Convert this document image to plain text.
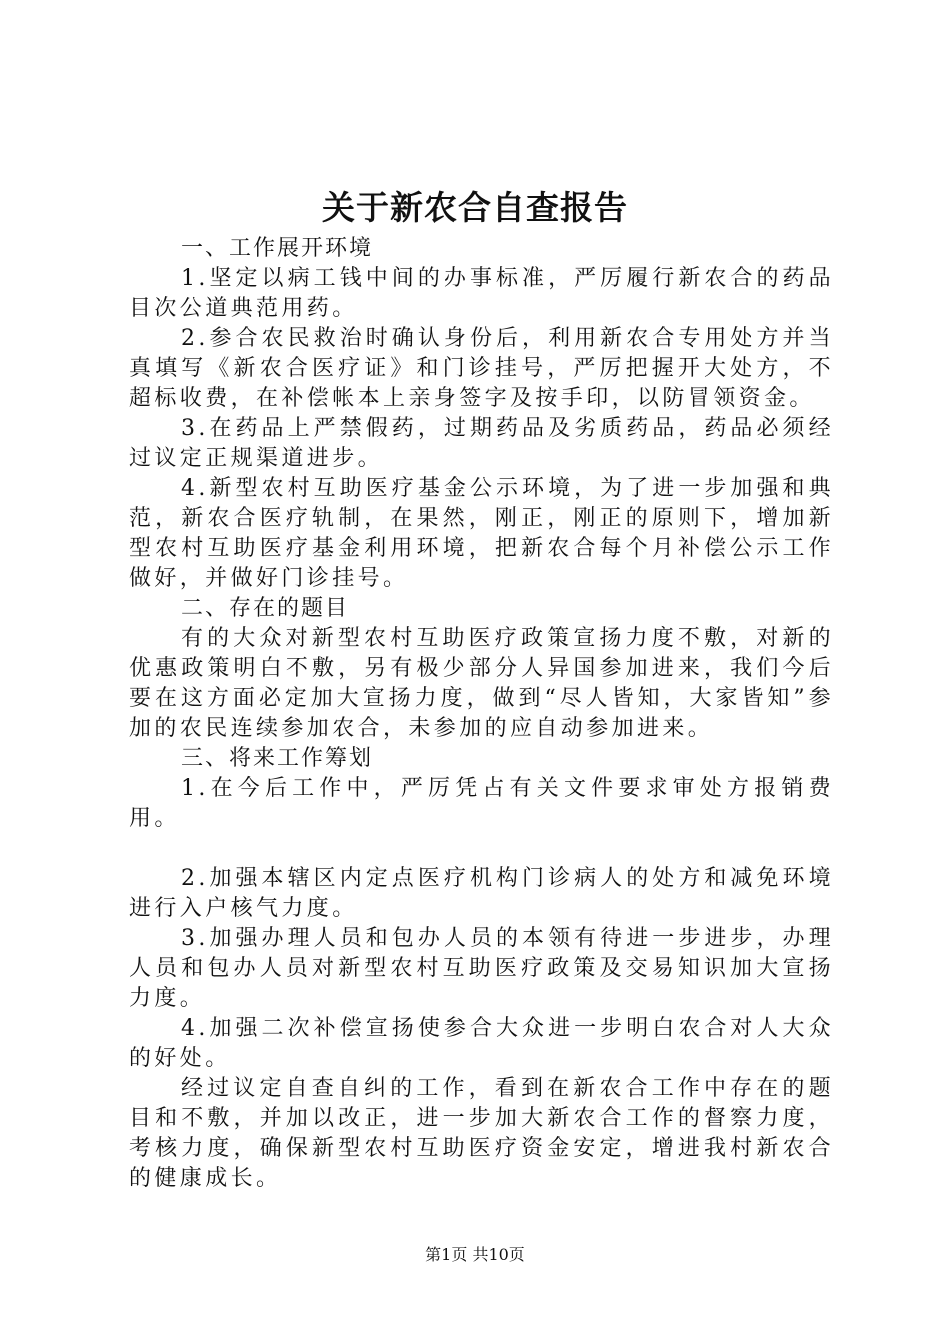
关于新农合自查报告

一、工作展开环境

1.坚定以病工钱中间的办事标准，严厉履行新农合的药品目次公道典范用药。

2.参合农民救治时确认身份后，利用新农合专用处方并当真填写《新农合医疗证》和门诊挂号，严厉把握开大处方，不超标收费，在补偿帐本上亲身签字及按手印，以防冒领资金。

3.在药品上严禁假药，过期药品及劣质药品，药品必须经过议定正规渠道进步。

4.新型农村互助医疗基金公示环境，为了进一步加强和典范，新农合医疗轨制，在果然，刚正，刚正的原则下，增加新型农村互助医疗基金利用环境，把新农合每个月补偿公示工作做好，并做好门诊挂号。

二、存在的题目

有的大众对新型农村互助医疗政策宣扬力度不敷，对新的优惠政策明白不敷，另有极少部分人异国参加进来，我们今后要在这方面必定加大宣扬力度，做到“尽人皆知，大家皆知”参加的农民连续参加农合，未参加的应自动参加进来。

三、将来工作筹划

1.在今后工作中，严厉凭占有关文件要求审处方报销费用。

2.加强本辖区内定点医疗机构门诊病人的处方和减免环境进行入户核气力度。

3.加强办理人员和包办人员的本领有待进一步进步，办理人员和包办人员对新型农村互助医疗政策及交易知识加大宣扬力度。

4.加强二次补偿宣扬使参合大众进一步明白农合对人大众的好处。

经过议定自查自纠的工作，看到在新农合工作中存在的题目和不敷，并加以改正，进一步加大新农合工作的督察力度，考核力度，确保新型农村互助医疗资金安定，增进我村新农合的健康成长。

第1页 共10页
